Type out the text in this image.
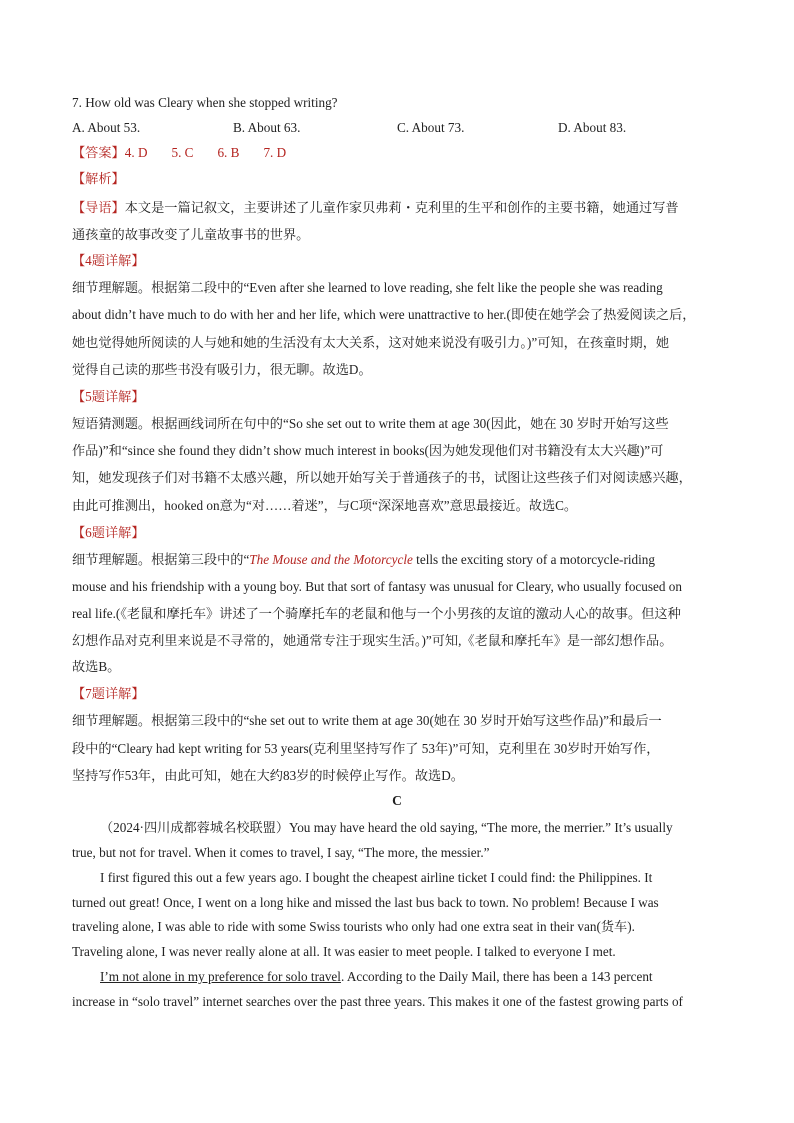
7. How old was Cleary when she stopped writing?
A. About 53.	B. About 63.	C. About 73.	D. About 83.
【答案】4. D 5. C 6. B 7. D
【解析】
【导语】本文是一篇记叙文，主要讲述了儿童作家贝弗莉・克利里的生平和创作的主要书籍，她通过写普
通孩童的故事改变了儿童故事书的世界。
【4题详解】
细节理解题。根据第二段中的“Even after she learned to love reading, she felt like the people she was reading
about didn’t have much to do with her and her life, which were unattractive to her.(即使在她学会了热爱阅读之后，
她也觉得她所阅读的人与她和她的生活没有太大关系，这对她来说没有吸引力。)”可知，在孩童时期，她
觉得自己读的那些书没有吸引力，很无聊。故选D。
【5题详解】
短语猜测题。根据画线词所在句中的“So she set out to write them at age 30(因此，她在 30 岁时开始写这些
作品)”和“since she found they didn’t show much interest in books(因为她发现他们对书籍没有太大兴趣)”可
知，她发现孩子们对书籍不太感兴趣，所以她开始写关于普通孩子的书，试图让这些孩子们对阅读感兴趣，
由此可推测出，hooked on意为“对……着迷”，与C项“深深地喜欢”意思最接近。故选C。
【6题详解】
细节理解题。根据第三段中的“The Mouse and the Motorcycle tells the exciting story of a motorcycle-riding
mouse and his friendship with a young boy. But that sort of fantasy was unusual for Cleary, who usually focused on
real life.(《老鼠和摩托车》讲述了一个骑摩托车的老鼠和他与一个小男孩的友谊的激动人心的故事。但这种
幻想作品对克利里来说是不寻常的，她通常专注于现实生活。)”可知,《老鼠和摩托车》是一部幻想作品。
故选B。
【7题详解】
细节理解题。根据第三段中的“she set out to write them at age 30(她在 30 岁时开始写这些作品)”和最后一
段中的“Cleary had kept writing for 53 years(克利里坚持写作了 53年)”可知，克利里在 30岁时开始写作，
坚持写作53年，由此可知，她在大约83岁的时候停止写作。故选D。
C
（2024·四川成都蓉城名校联盟）You may have heard the old saying, “The more, the merrier.” It’s usually
true, but not for travel. When it comes to travel, I say, “The more, the messier.”
I first figured this out a few years ago. I bought the cheapest airline ticket I could find: the Philippines. It
turned out great! Once, I went on a long hike and missed the last bus back to town. No problem! Because I was
traveling alone, I was able to ride with some Swiss tourists who only had one extra seat in their van(货车).
Traveling alone, I was never really alone at all. It was easier to meet people. I talked to everyone I met.
I’m not alone in my preference for solo travel. According to the Daily Mail, there has been a 143 percent
increase in “solo travel” internet searches over the past three years. This makes it one of the fastest growing parts of
